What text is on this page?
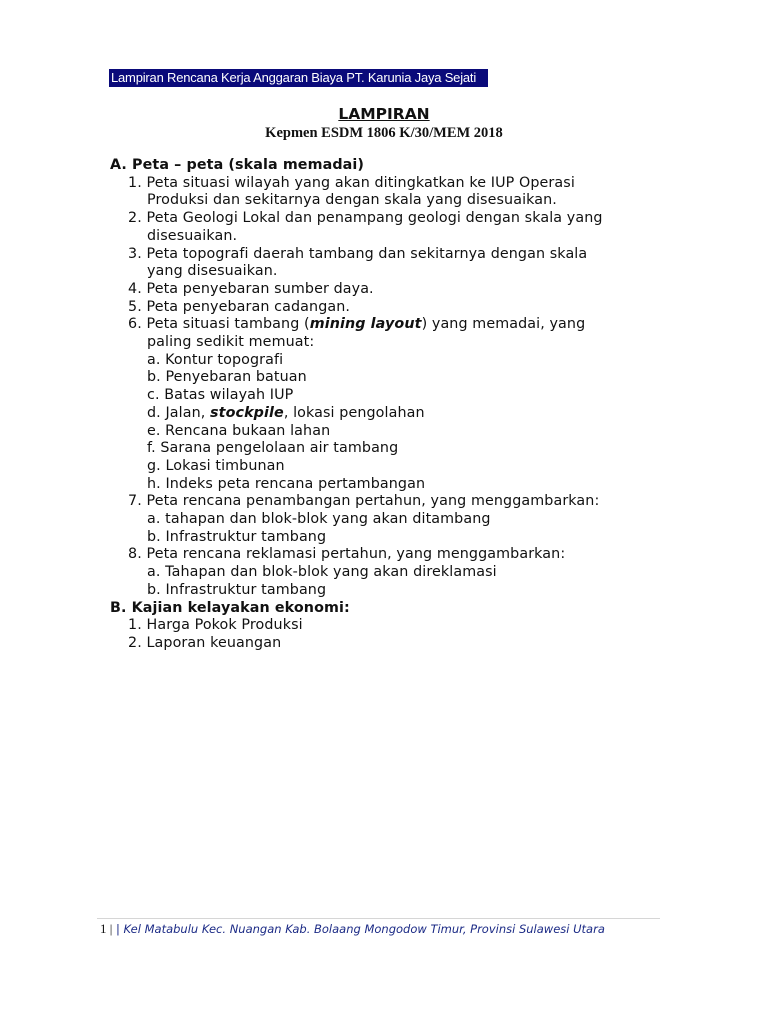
Lampiran Rencana Kerja Anggaran Biaya PT. Karunia Jaya Sejati
LAMPIRAN
Kepmen ESDM 1806 K/30/MEM 2018
A. Peta – peta (skala memadai)
1. Peta situasi wilayah yang akan ditingkatkan ke IUP Operasi
Produksi dan sekitarnya dengan skala yang disesuaikan.
2. Peta Geologi Lokal dan penampang geologi dengan skala yang
disesuaikan.
3. Peta topografi daerah tambang dan sekitarnya dengan skala
yang disesuaikan.
4. Peta penyebaran sumber daya.
5. Peta penyebaran cadangan.
6. Peta situasi tambang (mining layout) yang memadai, yang
paling sedikit memuat:
a. Kontur topografi
b. Penyebaran batuan
c. Batas wilayah IUP
d. Jalan, stockpile, lokasi pengolahan
e. Rencana bukaan lahan
f. Sarana pengelolaan air tambang
g. Lokasi timbunan
h. Indeks peta rencana pertambangan
7. Peta rencana penambangan pertahun, yang menggambarkan:
a. tahapan dan blok-blok yang akan ditambang
b. Infrastruktur tambang
8. Peta rencana reklamasi pertahun, yang menggambarkan:
a. Tahapan dan blok-blok yang akan direklamasi
b. Infrastruktur tambang
B. Kajian kelayakan ekonomi:
1. Harga Pokok Produksi
2. Laporan keuangan
1 | | Kel Matabulu Kec. Nuangan Kab. Bolaang Mongodow Timur, Provinsi Sulawesi Utara
